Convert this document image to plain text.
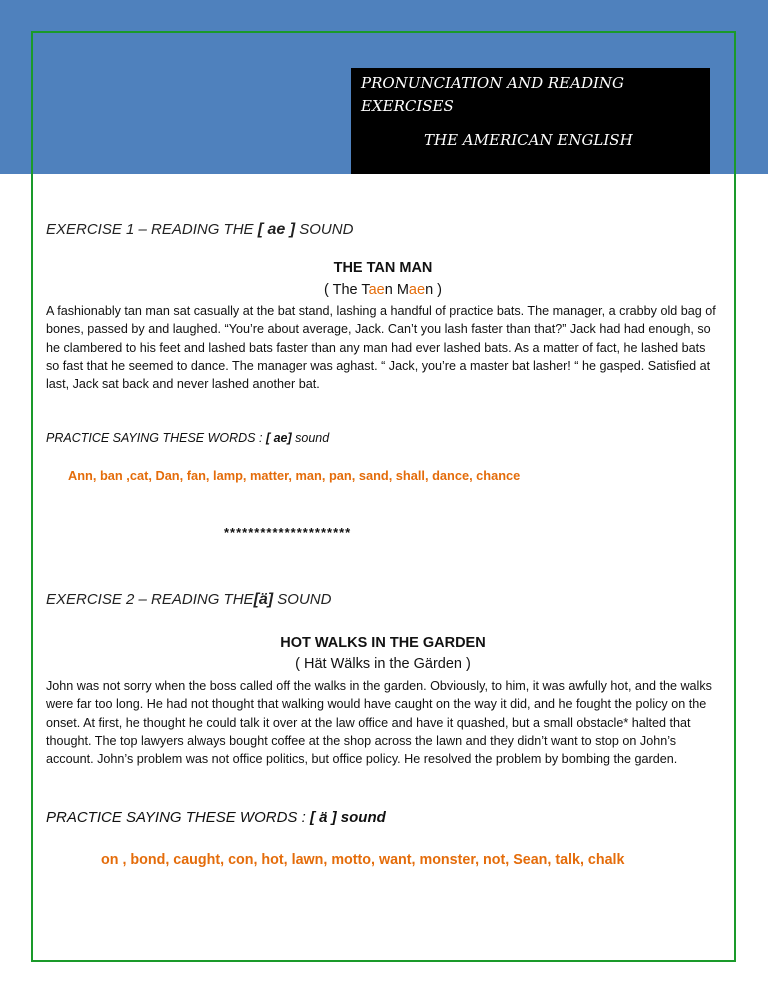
PRONUNCIATION AND READING
EXERCISES
THE AMERICAN ENGLISH
EXERCISE 1 – READING THE [ ae ] SOUND
THE TAN MAN
( The Taen Maen )
A fashionably tan man sat casually at the bat stand, lashing a handful of practice bats. The manager, a crabby old bag of bones, passed by and laughed. “You’re about average, Jack. Can’t you lash faster than that?” Jack had had enough, so he clambered to his feet and lashed bats faster than any man had ever lashed bats. As a matter of fact, he lashed bats so fast that he seemed to dance. The manager was aghast. “ Jack, you’re a master bat lasher! “ he gasped. Satisfied at last, Jack sat back and never lashed another bat.
PRACTICE SAYING THESE WORDS : [ ae] sound
Ann, ban ,cat, Dan, fan, lamp, matter, man, pan, sand, shall, dance, chance
*********************
EXERCISE 2 – READING THE[ä] SOUND
HOT WALKS IN THE GARDEN
( Hät Wälks in the Gärden )
John was not sorry when the boss called off the walks in the garden. Obviously, to him, it was awfully hot, and the walks were far too long. He had not thought that walking would have caught on the way it did, and he fought the policy on the onset. At first, he thought he could talk it over at the law office and have it quashed, but a small obstacle* halted that thought. The top lawyers always bought coffee at the shop across the lawn and they didn’t want to stop on John’s account. John’s problem was not office politics, but office policy. He resolved the problem by bombing the garden.
PRACTICE SAYING THESE WORDS : [ ä ] sound
on , bond, caught, con, hot, lawn, motto, want, monster, not, Sean, talk, chalk
